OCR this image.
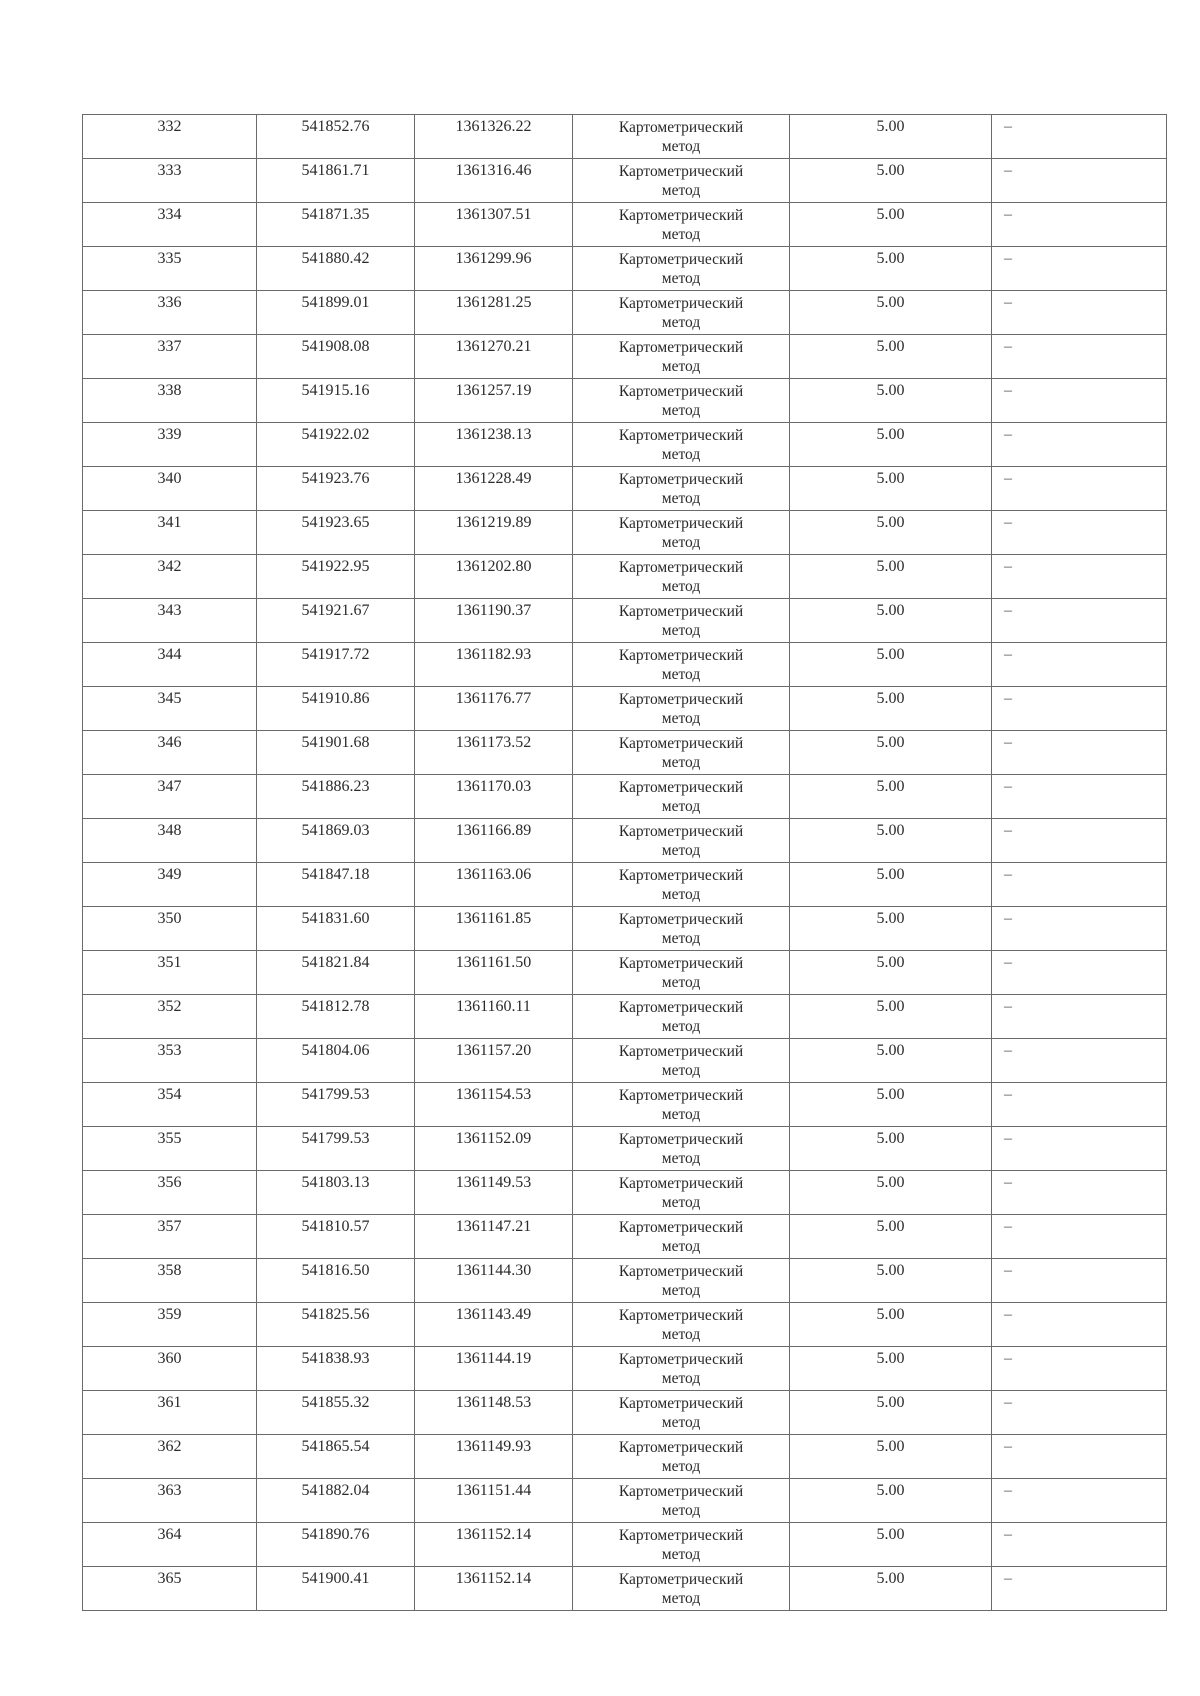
332	541852.76	1361326.22	Картометрический
метод	5.00	–
333	541861.71	1361316.46	Картометрический
метод	5.00	–
334	541871.35	1361307.51	Картометрический
метод	5.00	–
335	541880.42	1361299.96	Картометрический
метод	5.00	–
336	541899.01	1361281.25	Картометрический
метод	5.00	–
337	541908.08	1361270.21	Картометрический
метод	5.00	–
338	541915.16	1361257.19	Картометрический
метод	5.00	–
339	541922.02	1361238.13	Картометрический
метод	5.00	–
340	541923.76	1361228.49	Картометрический
метод	5.00	–
341	541923.65	1361219.89	Картометрический
метод	5.00	–
342	541922.95	1361202.80	Картометрический
метод	5.00	–
343	541921.67	1361190.37	Картометрический
метод	5.00	–
344	541917.72	1361182.93	Картометрический
метод	5.00	–
345	541910.86	1361176.77	Картометрический
метод	5.00	–
346	541901.68	1361173.52	Картометрический
метод	5.00	–
347	541886.23	1361170.03	Картометрический
метод	5.00	–
348	541869.03	1361166.89	Картометрический
метод	5.00	–
349	541847.18	1361163.06	Картометрический
метод	5.00	–
350	541831.60	1361161.85	Картометрический
метод	5.00	–
351	541821.84	1361161.50	Картометрический
метод	5.00	–
352	541812.78	1361160.11	Картометрический
метод	5.00	–
353	541804.06	1361157.20	Картометрический
метод	5.00	–
354	541799.53	1361154.53	Картометрический
метод	5.00	–
355	541799.53	1361152.09	Картометрический
метод	5.00	–
356	541803.13	1361149.53	Картометрический
метод	5.00	–
357	541810.57	1361147.21	Картометрический
метод	5.00	–
358	541816.50	1361144.30	Картометрический
метод	5.00	–
359	541825.56	1361143.49	Картометрический
метод	5.00	–
360	541838.93	1361144.19	Картометрический
метод	5.00	–
361	541855.32	1361148.53	Картометрический
метод	5.00	–
362	541865.54	1361149.93	Картометрический
метод	5.00	–
363	541882.04	1361151.44	Картометрический
метод	5.00	–
364	541890.76	1361152.14	Картометрический
метод	5.00	–
365	541900.41	1361152.14	Картометрический
метод	5.00	–
